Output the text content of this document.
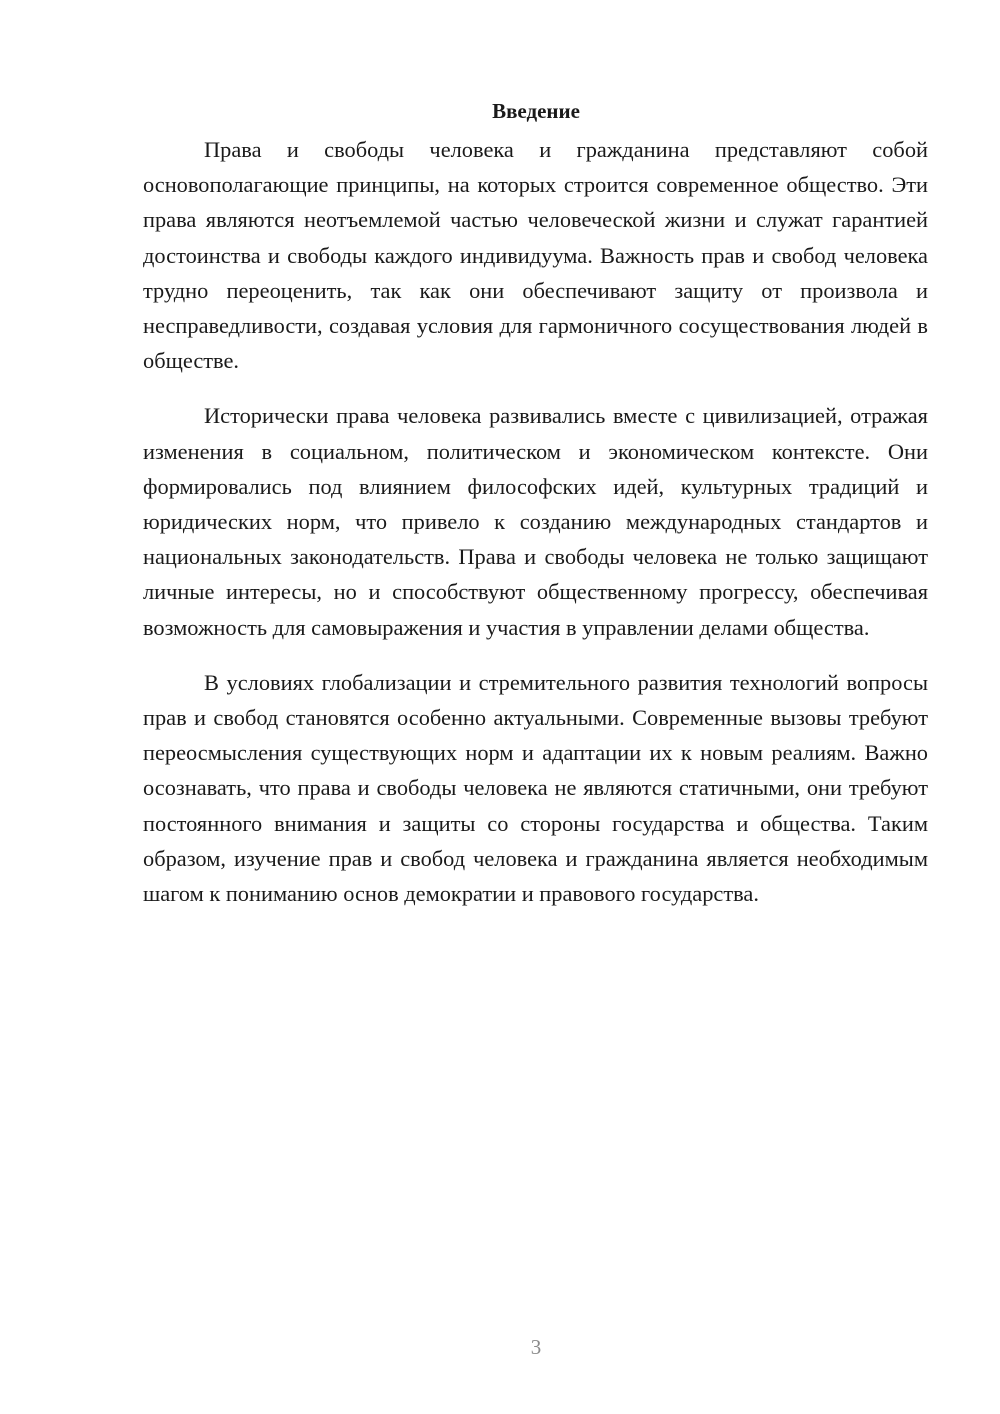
Введение

Права и свободы человека и гражданина представляют собой основополагающие принципы, на которых строится современное общество. Эти права являются неотъемлемой частью человеческой жизни и служат гарантией достоинства и свободы каждого индивидуума. Важность прав и свобод человека трудно переоценить, так как они обеспечивают защиту от произвола и несправедливости, создавая условия для гармоничного сосуществования людей в обществе.

Исторически права человека развивались вместе с цивилизацией, отражая изменения в социальном, политическом и экономическом контексте. Они формировались под влиянием философских идей, культурных традиций и юридических норм, что привело к созданию международных стандартов и национальных законодательств. Права и свободы человека не только защищают личные интересы, но и способствуют общественному прогрессу, обеспечивая возможность для самовыражения и участия в управлении делами общества.

В условиях глобализации и стремительного развития технологий вопросы прав и свобод становятся особенно актуальными. Современные вызовы требуют переосмысления существующих норм и адаптации их к новым реалиям. Важно осознавать, что права и свободы человека не являются статичными, они требуют постоянного внимания и защиты со стороны государства и общества. Таким образом, изучение прав и свобод человека и гражданина является необходимым шагом к пониманию основ демократии и правового государства.

3
